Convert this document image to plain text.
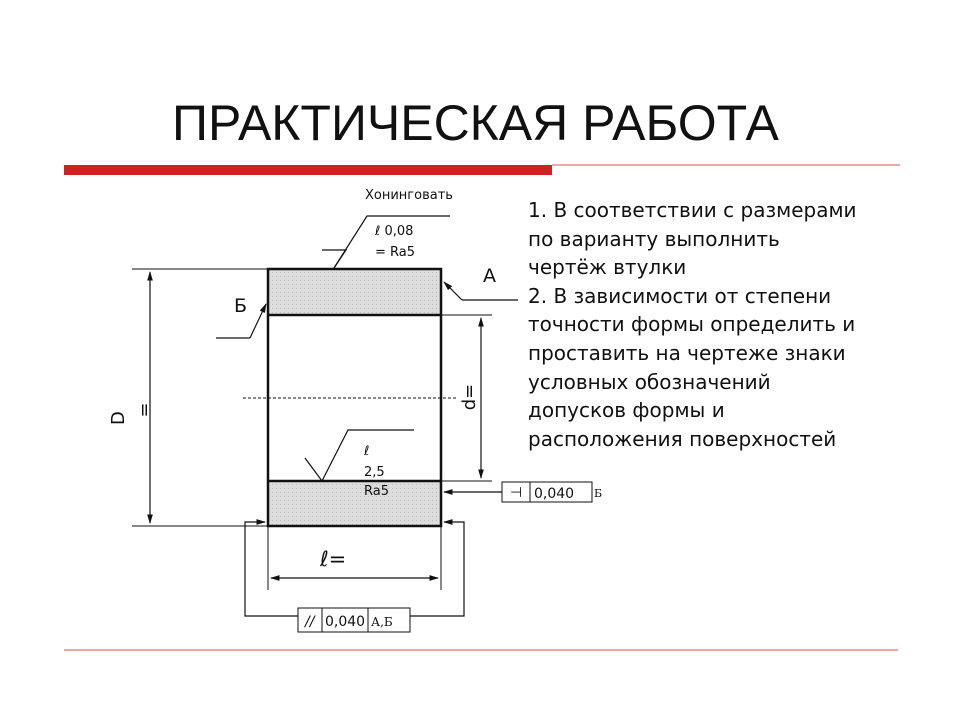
ПРАКТИЧЕСКАЯ РАБОТА
1. В соответствии с размерами
по варианту выполнить
чертёж втулки
2. В зависимости от степени
точности формы определить и
проставить на чертеже знаки
условных обозначений
допусков формы и
расположения поверхностей
D
=	d=
ℓ=
Хонинговать
ℓ 0,08
= Ra5
А
Б
ℓ
2,5
Ra5	⊥ 0,040 Б
// 0,040 А,Б
